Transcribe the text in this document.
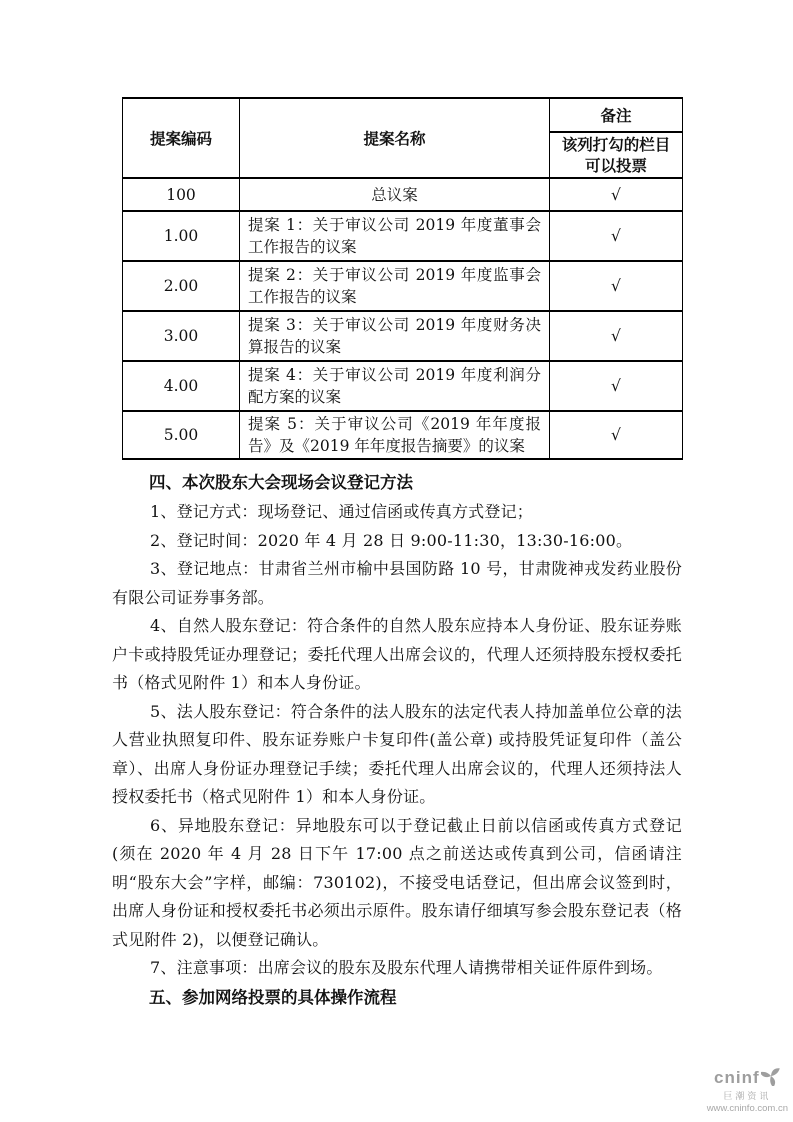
提案编码	提案名称	备注
		该列打勾的栏目可以投票
100	总议案	√
1.00	提案 1：关于审议公司 2019 年度董事会工作报告的议案	√
2.00	提案 2：关于审议公司 2019 年度监事会工作报告的议案	√
3.00	提案 3：关于审议公司 2019 年度财务决算报告的议案	√
4.00	提案 4：关于审议公司 2019 年度利润分配方案的议案	√
5.00	提案 5：关于审议公司《2019 年年度报告》及《2019 年年度报告摘要》的议案	√

四、本次股东大会现场会议登记方法

1、登记方式：现场登记、通过信函或传真方式登记；

2、登记时间：2020 年 4 月 28 日 9:00-11:30，13:30-16:00。

3、登记地点：甘肃省兰州市榆中县国防路 10 号，甘肃陇神戎发药业股份有限公司证券事务部。

4、自然人股东登记：符合条件的自然人股东应持本人身份证、股东证券账户卡或持股凭证办理登记；委托代理人出席会议的，代理人还须持股东授权委托书（格式见附件 1）和本人身份证。

5、法人股东登记：符合条件的法人股东的法定代表人持加盖单位公章的法人营业执照复印件、股东证券账户卡复印件(盖公章) 或持股凭证复印件（盖公章）、出席人身份证办理登记手续；委托代理人出席会议的，代理人还须持法人授权委托书（格式见附件 1）和本人身份证。

6、异地股东登记：异地股东可以于登记截止日前以信函或传真方式登记(须在 2020 年 4 月 28 日下午 17:00 点之前送达或传真到公司，信函请注明“股东大会”字样，邮编：730102)，不接受电话登记，但出席会议签到时，出席人身份证和授权委托书必须出示原件。股东请仔细填写参会股东登记表（格式见附件 2)，以便登记确认。

7、注意事项：出席会议的股东及股东代理人请携带相关证件原件到场。

五、参加网络投票的具体操作流程

cninf
巨潮资讯
www.cninfo.com.cn
